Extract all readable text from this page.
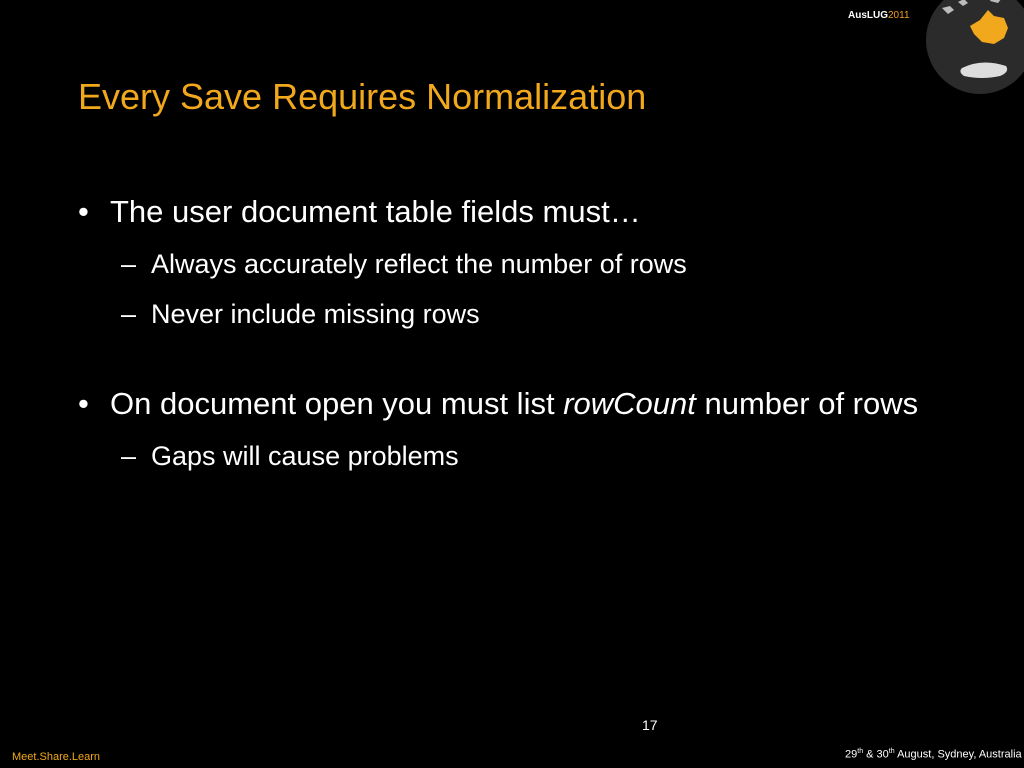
AusLUG2011
Every Save Requires Normalization
• The user document table fields must…
– Always accurately reflect the number of rows
– Never include missing rows
• On document open you must list rowCount number of rows
– Gaps will cause problems
17
Meet.Share.Learn	29th & 30th August, Sydney, Australia
